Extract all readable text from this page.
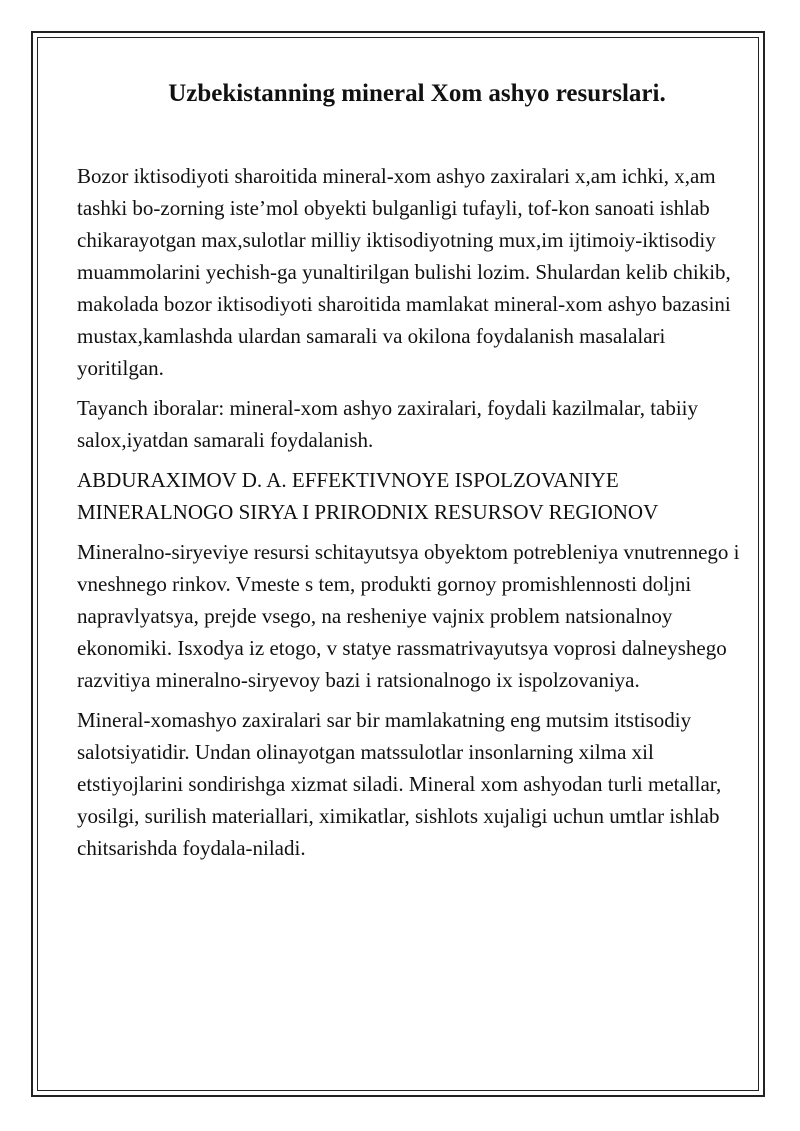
Uzbekistanning mineral Xom ashyo resurslari.

Bozor iktisodiyoti sharoitida mineral-xom ashyo zaxiralari x,am ichki, x,am tashki bo-zorning iste’mol obyekti bulganligi tufayli, tof-kon sanoati ishlab chikarayotgan max,sulotlar milliy iktisodiyotning mux,im ijtimoiy-iktisodiy muammolarini yechish-ga yunaltirilgan bulishi lozim. Shulardan kelib chikib, makolada bozor iktisodiyoti sharoitida mamlakat mineral-xom ashyo bazasini mustax,kamlashda ulardan samarali va okilona foydalanish masalalari yoritilgan.

Tayanch iboralar: mineral-xom ashyo zaxiralari, foydali kazilmalar, tabiiy salox,iyatdan samarali foydalanish.

ABDURAXIMOV D. A. EFFEKTIVNOYE ISPOLZOVANIYE MINERALNOGO SIRYA I PRIRODNIX RESURSOV REGIONOV

Mineralno-siryeviye resursi schitayutsya obyektom potrebleniya vnutrennego i vneshnego rinkov. Vmeste s tem, produkti gornoy promishlennosti doljni napravlyatsya, prejde vsego, na resheniye vajnix problem natsionalnoy ekonomiki. Isxodya iz etogo, v statye rassmatrivayutsya voprosi dalneyshego razvitiya mineralno-siryevoy bazi i ratsionalnogo ix ispolzovaniya.

Mineral-xomashyo zaxiralari sar bir mamlakatning eng mutsim itstisodiy salotsiyatidir. Undan olinayotgan matssulotlar insonlarning xilma xil etstiyojlarini sondirishga xizmat siladi. Mineral xom ashyodan turli metallar, yosilgi, surilish materiallari, ximikatlar, sishlots xujaligi uchun umtlar ishlab chitsarishda foydala-niladi.
